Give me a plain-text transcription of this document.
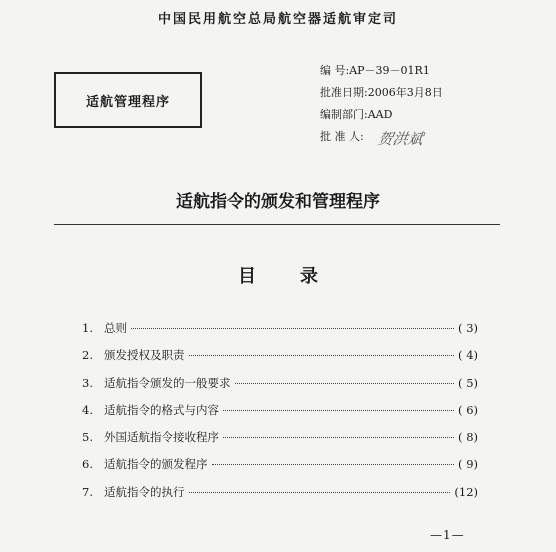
中国民用航空总局航空器适航审定司
适航管理程序
编 号:AP－39－01R1
批准日期:2006年3月8日
编制部门:AAD
批 准 人: 贺洪斌
适航指令的颁发和管理程序
目 录
1. 总则	( 3)
2. 颁发授权及职责	( 4)
3. 适航指令颁发的一般要求	( 5)
4. 适航指令的格式与内容	( 6)
5. 外国适航指令接收程序	( 8)
6. 适航指令的颁发程序	( 9)
7. 适航指令的执行	(12)
—1—
